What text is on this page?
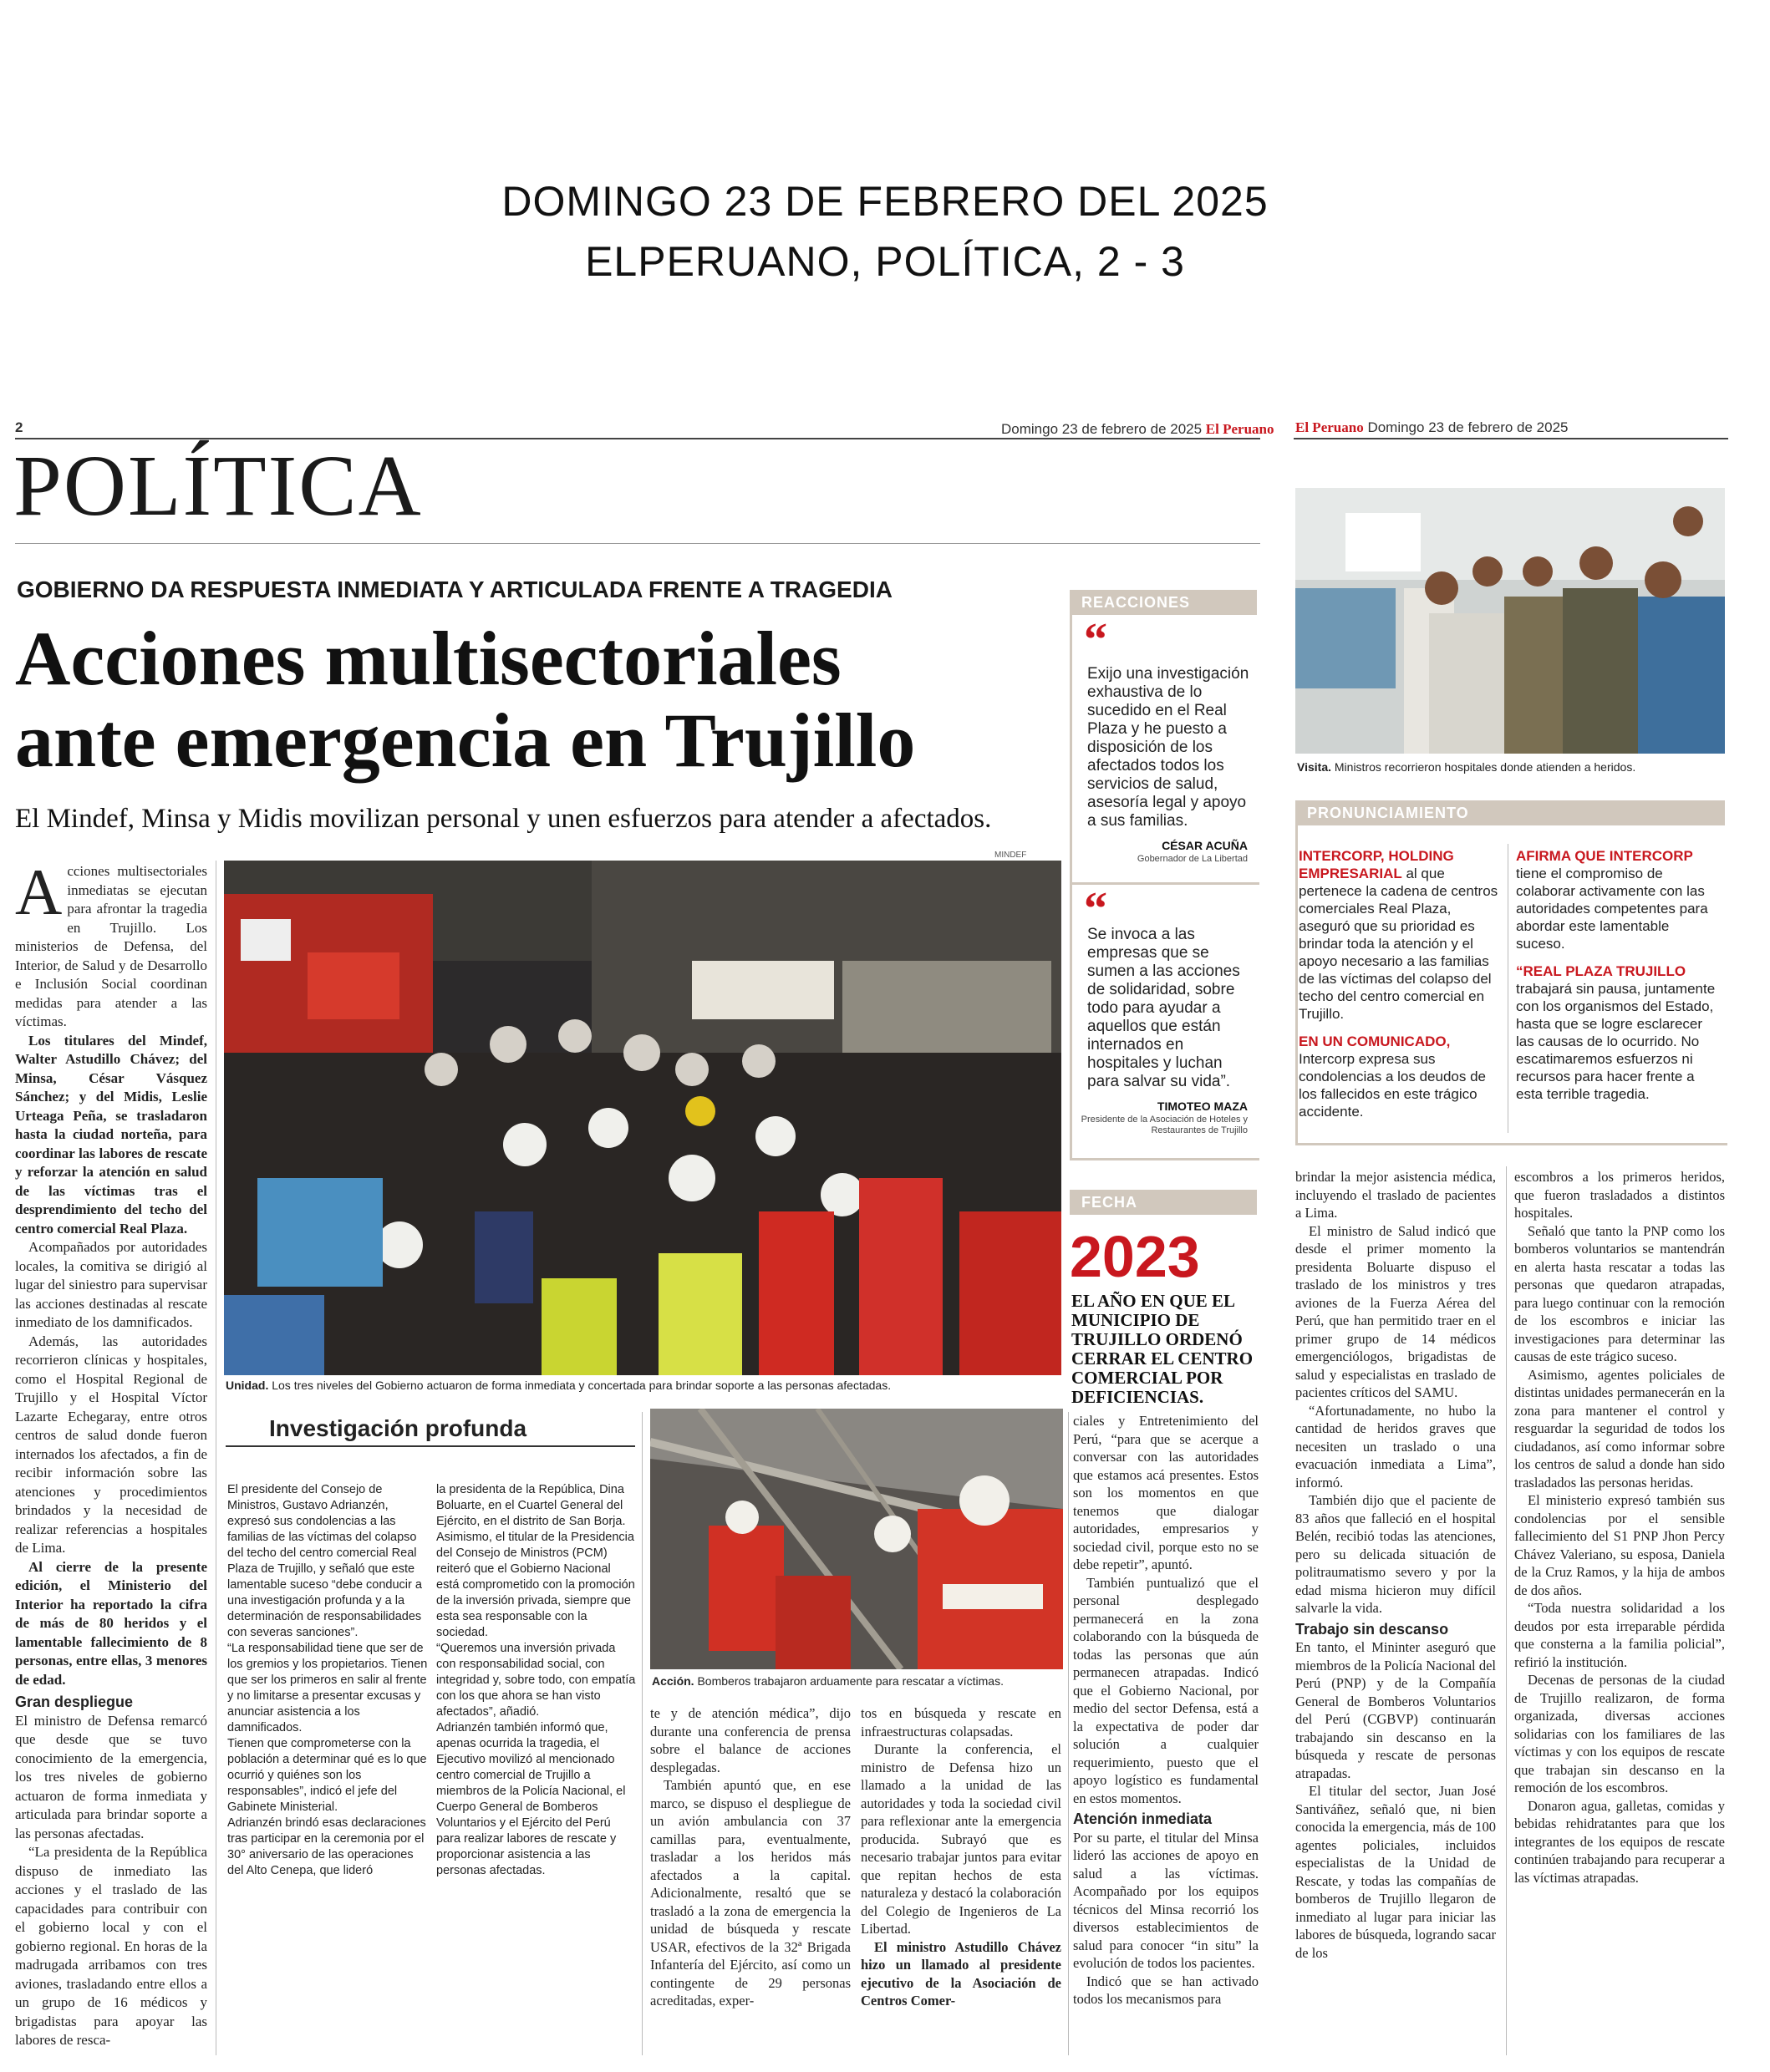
DOMINGO 23 DE FEBRERO DEL 2025
ELPERUANO, POLÍTICA, 2 - 3
2	Domingo 23 de febrero de 2025 El Peruano
POLÍTICA
GOBIERNO DA RESPUESTA INMEDIATA Y ARTICULADA FRENTE A TRAGEDIA
Acciones multisectoriales
ante emergencia en Trujillo
El Mindef, Minsa y Midis movilizan personal y unen esfuerzos para atender a afectados.
MINDEF
Unidad. Los tres niveles del Gobierno actuaron de forma inmediata y concertada para brindar soporte a las personas afectadas.

Acciones multisectoriales inmediatas se ejecutan para afrontar la tragedia en Trujillo. Los ministerios de Defensa, del Interior, de Salud y de Desarrollo e Inclusión Social coordinan medidas para atender a las víctimas.

Los titulares del Mindef, Walter Astudillo Chávez; del Minsa, César Vásquez Sánchez; y del Midis, Leslie Urteaga Peña, se trasladaron hasta la ciudad norteña, para coordinar las labores de rescate y reforzar la atención en salud de las víctimas tras el desprendimiento del techo del centro comercial Real Plaza.

Acompañados por autoridades locales, la comitiva se dirigió al lugar del siniestro para supervisar las acciones destinadas al rescate inmediato de los damnificados.

Además, las autoridades recorrieron clínicas y hospitales, como el Hospital Regional de Trujillo y el Hospital Víctor Lazarte Echegaray, entre otros centros de salud donde fueron internados los afectados, a fin de recibir información sobre las atenciones y procedimientos brindados y la necesidad de realizar referencias a hospitales de Lima.

Al cierre de la presente edición, el Ministerio del Interior ha reportado la cifra de más de 80 heridos y el lamentable fallecimiento de 8 personas, entre ellas, 3 menores de edad.

Gran despliegue

El ministro de Defensa remarcó que desde que se tuvo conocimiento de la emergencia, los tres niveles de gobierno actuaron de forma inmediata y articulada para brindar soporte a las personas afectadas.

“La presidenta de la República dispuso de inmediato las acciones y el traslado de las capacidades para contribuir con el gobierno local y con el gobierno regional. En horas de la madrugada arribamos con tres aviones, trasladando entre ellos a un grupo de 16 médicos y brigadistas para apoyar las labores de resca-

Investigación profunda

El presidente del Consejo de Ministros, Gustavo Adrianzén, expresó sus condolencias a las familias de las víctimas del colapso del techo del centro comercial Real Plaza de Trujillo, y señaló que este lamentable suceso “debe conducir a una investigación profunda y a la determinación de responsabilidades con severas sanciones”.

“La responsabilidad tiene que ser de los gremios y los propietarios. Tienen que ser los primeros en salir al frente y no limitarse a presentar excusas y anunciar asistencia a los damnificados.

Tienen que comprometerse con la población a determinar qué es lo que ocurrió y quiénes son los responsables”, indicó el jefe del Gabinete Ministerial.

Adrianzén brindó esas declaraciones tras participar en la ceremonia por el 30° aniversario de las operaciones del Alto Cenepa, que lideró

la presidenta de la República, Dina Boluarte, en el Cuartel General del Ejército, en el distrito de San Borja.

Asimismo, el titular de la Presidencia del Consejo de Ministros (PCM) reiteró que el Gobierno Nacional está comprometido con la promoción de la inversión privada, siempre que esta sea responsable con la sociedad.

“Queremos una inversión privada con responsabilidad social, con integridad y, sobre todo, con empatía con los que ahora se han visto afectados”, añadió.

Adrianzén también informó que, apenas ocurrida la tragedia, el Ejecutivo movilizó al mencionado centro comercial de Trujillo a miembros de la Policía Nacional, el Cuerpo General de Bomberos Voluntarios y el Ejército del Perú para realizar labores de rescate y proporcionar asistencia a las personas afectadas.

Acción. Bomberos trabajaron arduamente para rescatar a víctimas.

te y de atención médica”, dijo durante una conferencia de prensa sobre el balance de acciones desplegadas.

También apuntó que, en ese marco, se dispuso el despliegue de un avión ambulancia con 37 camillas para, eventualmente, trasladar a los heridos más afectados a la capital. Adicionalmente, resaltó que se trasladó a la zona de emergencia la unidad de búsqueda y rescate USAR, efectivos de la 32ª Brigada Infantería del Ejército, así como un contingente de 29 personas acreditadas, exper-

tos en búsqueda y rescate en infraestructuras colapsadas.

Durante la conferencia, el ministro de Defensa hizo un llamado a la unidad de las autoridades y toda la sociedad civil para reflexionar ante la emergencia producida. Subrayó que es necesario trabajar juntos para evitar que repitan hechos de esta naturaleza y destacó la colaboración del Colegio de Ingenieros de La Libertad.

El ministro Astudillo Chávez hizo un llamado al presidente ejecutivo de la Asociación de Centros Comer-

ciales y Entretenimiento del Perú, “para que se acerque a conversar con las autoridades que estamos acá presentes. Estos son los momentos en que tenemos que dialogar autoridades, empresarios y sociedad civil, porque esto no se debe repetir”, apuntó.

También puntualizó que el personal desplegado permanecerá en la zona colaborando con la búsqueda de todas las personas que aún permanecen atrapadas. Indicó que el Gobierno Nacional, por medio del sector Defensa, está a la expectativa de poder dar solución a cualquier requerimiento, puesto que el apoyo logístico es fundamental en estos momentos.

Atención inmediata

Por su parte, el titular del Minsa lideró las acciones de apoyo en salud a las víctimas. Acompañado por los equipos técnicos del Minsa recorrió los diversos establecimientos de salud para conocer “in situ” la evolución de todos los pacientes.

Indicó que se han activado todos los mecanismos para

REACCIONES
“
Exijo una investigación exhaustiva de lo sucedido en el Real Plaza y he puesto a disposición de los afectados todos los servicios de salud, asesoría legal y apoyo a sus familias.
CÉSAR ACUÑA
Gobernador de La Libertad
“
Se invoca a las empresas que se sumen a las acciones de solidaridad, sobre todo para ayudar a aquellos que están internados en hospitales y luchan para salvar su vida”.
TIMOTEO MAZA
Presidente de la Asociación de Hoteles y Restaurantes de Trujillo
FECHA
2023
EL AÑO EN QUE EL MUNICIPIO DE TRUJILLO ORDENÓ CERRAR EL CENTRO COMERCIAL POR DEFICIENCIAS.
El Peruano Domingo 23 de febrero de 2025
Visita. Ministros recorrieron hospitales donde atienden a heridos.
PRONUNCIAMIENTO
INTERCORP, HOLDING EMPRESARIAL al que pertenece la cadena de centros comerciales Real Plaza, aseguró que su prioridad es brindar toda la atención y el apoyo necesario a las familias de las víctimas del colapso del techo del centro comercial en Trujillo.
EN UN COMUNICADO, Intercorp expresa sus condolencias a los deudos de los fallecidos en este trágico accidente.
AFIRMA QUE INTERCORP tiene el compromiso de colaborar activamente con las autoridades competentes para abordar este lamentable suceso.
“REAL PLAZA TRUJILLO trabajará sin pausa, juntamente con los organismos del Estado, hasta que se logre esclarecer las causas de lo ocurrido. No escatimaremos esfuerzos ni recursos para hacer frente a esta terrible tragedia.

brindar la mejor asistencia médica, incluyendo el traslado de pacientes a Lima.

El ministro de Salud indicó que desde el primer momento la presidenta Boluarte dispuso el traslado de los ministros y tres aviones de la Fuerza Aérea del Perú, que han permitido traer en el primer grupo de 14 médicos emergenciólogos, brigadistas de salud y especialistas en traslado de pacientes críticos del SAMU.

“Afortunadamente, no hubo la cantidad de heridos graves que necesiten un traslado o una evacuación inmediata a Lima”, informó.

También dijo que el paciente de 83 años que falleció en el hospital Belén, recibió todas las atenciones, pero su delicada situación de politraumatismo severo y por la edad misma hicieron muy difícil salvarle la vida.

Trabajo sin descanso

En tanto, el Mininter aseguró que miembros de la Policía Nacional del Perú (PNP) y de la Compañía General de Bomberos Voluntarios del Perú (CGBVP) continuarán trabajando sin descanso en la búsqueda y rescate de personas atrapadas.

El titular del sector, Juan José Santiváñez, señaló que, ni bien conocida la emergencia, más de 100 agentes policiales, incluidos especialistas de la Unidad de Rescate, y todas las compañías de bomberos de Trujillo llegaron de inmediato al lugar para iniciar las labores de búsqueda, logrando sacar de los

escombros a los primeros heridos, que fueron trasladados a distintos hospitales.

Señaló que tanto la PNP como los bomberos voluntarios se mantendrán en alerta hasta rescatar a todas las personas que quedaron atrapadas, para luego continuar con la remoción de los escombros e iniciar las investigaciones para determinar las causas de este trágico suceso.

Asimismo, agentes policiales de distintas unidades permanecerán en la zona para mantener el control y resguardar la seguridad de todos los ciudadanos, así como informar sobre los centros de salud a donde han sido trasladados las personas heridas.

El ministerio expresó también sus condolencias por el sensible fallecimiento del S1 PNP Jhon Percy Chávez Valeriano, su esposa, Daniela de la Cruz Ramos, y la hija de ambos de dos años.

“Toda nuestra solidaridad a los deudos por esta irreparable pérdida que consterna a la familia policial”, refirió la institución.

Decenas de personas de la ciudad de Trujillo realizaron, de forma organizada, diversas acciones solidarias con los familiares de las víctimas y con los equipos de rescate que trabajan sin descanso en la remoción de los escombros.

Donaron agua, galletas, comidas y bebidas rehidratantes para que los integrantes de los equipos de rescate continúen trabajando para recuperar a las víctimas atrapadas.
